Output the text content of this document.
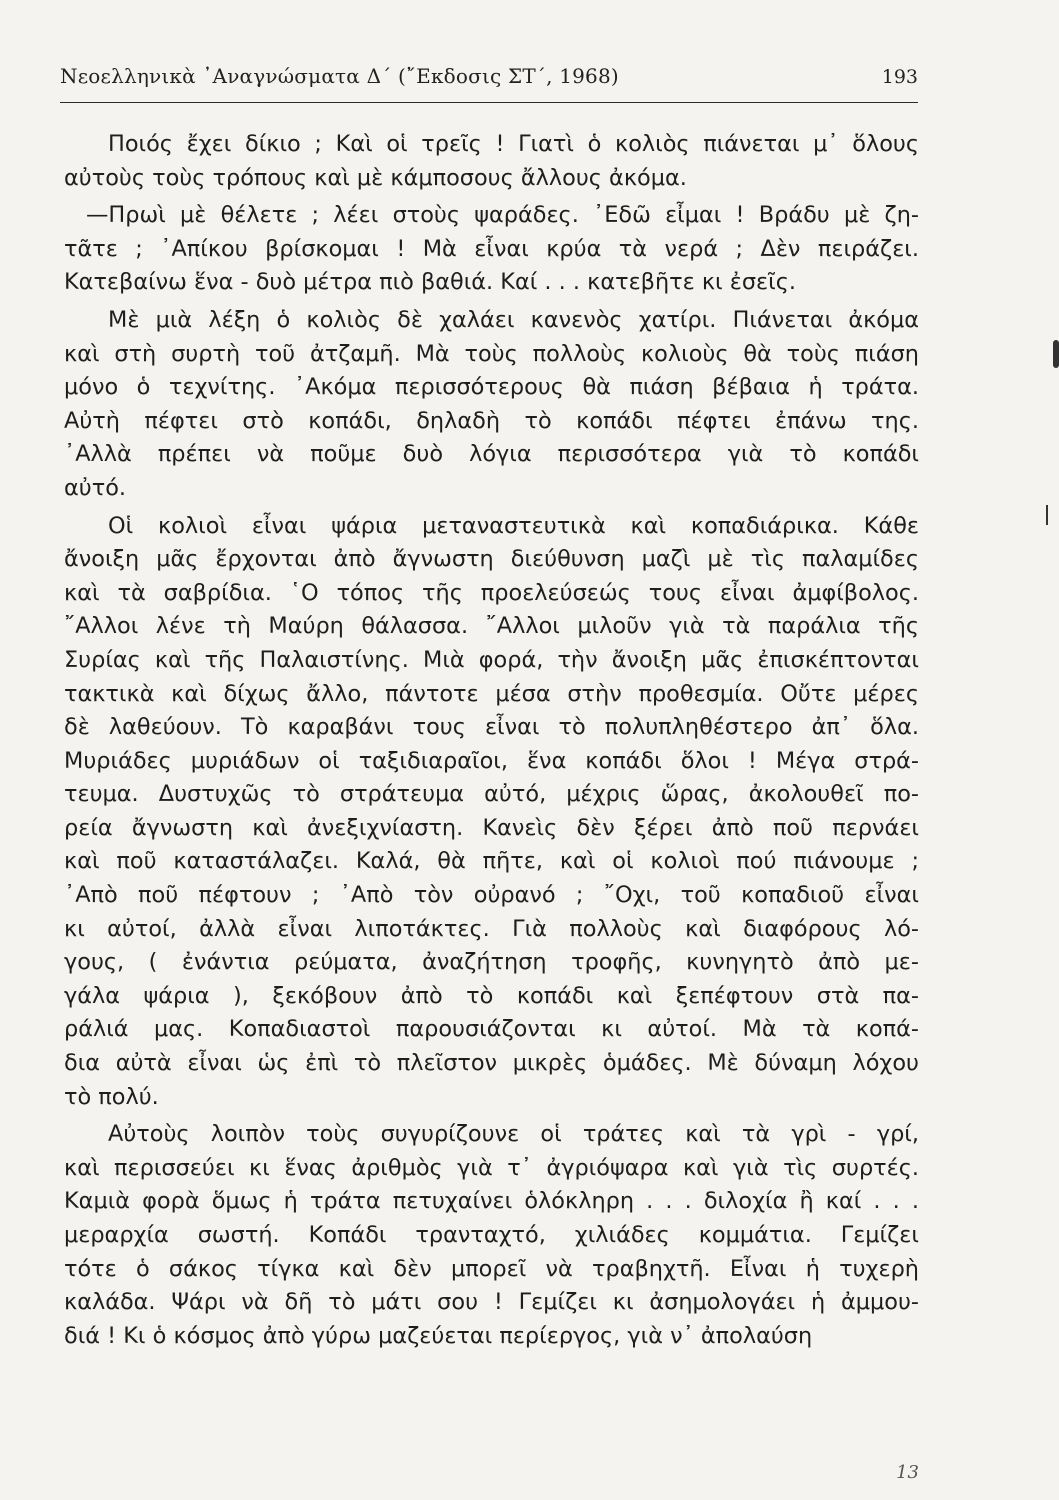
Νεοελληνικὰ ᾿Αναγνώσματα Δ΄ (῎Εκδοσις ΣΤ΄, 1968)	193
Ποιός ἔχει δίκιο ; Καὶ οἱ τρεῖς ! Γιατὶ ὁ κολιὸς πιάνεται μ᾿ ὅλους
αὐτοὺς τοὺς τρόπους καὶ μὲ κάμποσους ἄλλους ἀκόμα.
—Πρωὶ μὲ θέλετε ; λέει στοὺς ψαράδες. ᾿Εδῶ εἶμαι ! Βράδυ μὲ ζη-
τᾶτε ; ᾿Απίκου βρίσκομαι ! Μὰ εἶναι κρύα τὰ νερά ; Δὲν πειράζει.
Κατεβαίνω ἕνα - δυὸ μέτρα πιὸ βαθιά. Καί . . . κατεβῆτε κι ἐσεῖς.
Μὲ μιὰ λέξη ὁ κολιὸς δὲ χαλάει κανενὸς χατίρι. Πιάνεται ἀκόμα
καὶ στὴ συρτὴ τοῦ ἀτζαμῆ. Μὰ τοὺς πολλοὺς κολιοὺς θὰ τοὺς πιάση
μόνο ὁ τεχνίτης. ᾿Ακόμα περισσότερους θὰ πιάση βέβαια ἡ τράτα.
Αὐτὴ πέφτει στὸ κοπάδι, δηλαδὴ τὸ κοπάδι πέφτει ἐπάνω της.
᾿Αλλὰ πρέπει νὰ ποῦμε δυὸ λόγια περισσότερα γιὰ τὸ κοπάδι
αὐτό.
Οἱ κολιοὶ εἶναι ψάρια μεταναστευτικὰ καὶ κοπαδιάρικα. Κάθε
ἄνοιξη μᾶς ἔρχονται ἀπὸ ἄγνωστη διεύθυνση μαζὶ μὲ τὶς παλαμίδες
καὶ τὰ σαβρίδια. ῾Ο τόπος τῆς προελεύσεώς τους εἶναι ἀμφίβολος.
῎Αλλοι λένε τὴ Μαύρη θάλασσα. ῎Αλλοι μιλοῦν γιὰ τὰ παράλια τῆς
Συρίας καὶ τῆς Παλαιστίνης. Μιὰ φορά, τὴν ἄνοιξη μᾶς ἐπισκέπτονται
τακτικὰ καὶ δίχως ἄλλο, πάντοτε μέσα στὴν προθεσμία. Οὔτε μέρες
δὲ λαθεύουν. Τὸ καραβάνι τους εἶναι τὸ πολυπληθέστερο ἀπ᾿ ὅλα.
Μυριάδες μυριάδων οἱ ταξιδιαραῖοι, ἕνα κοπάδι ὅλοι ! Μέγα στρά-
τευμα. Δυστυχῶς τὸ στράτευμα αὐτό, μέχρις ὥρας, ἀκολουθεῖ πο-
ρεία ἄγνωστη καὶ ἀνεξιχνίαστη. Κανεὶς δὲν ξέρει ἀπὸ ποῦ περνάει
καὶ ποῦ καταστάλαζει. Καλά, θὰ πῆτε, καὶ οἱ κολιοὶ πού πιάνουμε ;
᾿Απὸ ποῦ πέφτουν ; ᾿Απὸ τὸν οὐρανό ; ῎Οχι, τοῦ κοπαδιοῦ εἶναι
κι αὐτοί, ἀλλὰ εἶναι λιποτάκτες. Γιὰ πολλοὺς καὶ διαφόρους λό-
γους, ( ἐνάντια ρεύματα, ἀναζήτηση τροφῆς, κυνηγητὸ ἀπὸ με-
γάλα ψάρια ), ξεκόβουν ἀπὸ τὸ κοπάδι καὶ ξεπέφτουν στὰ πα-
ράλιά μας. Κοπαδιαστοὶ παρουσιάζονται κι αὐτοί. Μὰ τὰ κοπά-
δια αὐτὰ εἶναι ὡς ἐπὶ τὸ πλεῖστον μικρὲς ὁμάδες. Μὲ δύναμη λόχου
τὸ πολύ.
Αὐτοὺς λοιπὸν τοὺς συγυρίζουνε οἱ τράτες καὶ τὰ γρὶ - γρί,
καὶ περισσεύει κι ἕνας ἀριθμὸς γιὰ τ᾿ ἀγριόψαρα καὶ γιὰ τὶς συρτές.
Καμιὰ φορὰ ὅμως ἡ τράτα πετυχαίνει ὁλόκληρη . . . διλοχία ἢ καί . . .
μεραρχία σωστή. Κοπάδι τρανταχτό, χιλιάδες κομμάτια. Γεμίζει
τότε ὁ σάκος τίγκα καὶ δὲν μπορεῖ νὰ τραβηχτῆ. Εἶναι ἡ τυχερὴ
καλάδα. Ψάρι νὰ δῆ τὸ μάτι σου ! Γεμίζει κι ἀσημολογάει ἡ ἀμμου-
διά ! Κι ὁ κόσμος ἀπὸ γύρω μαζεύεται περίεργος, γιὰ ν᾿ ἀπολαύση
13
